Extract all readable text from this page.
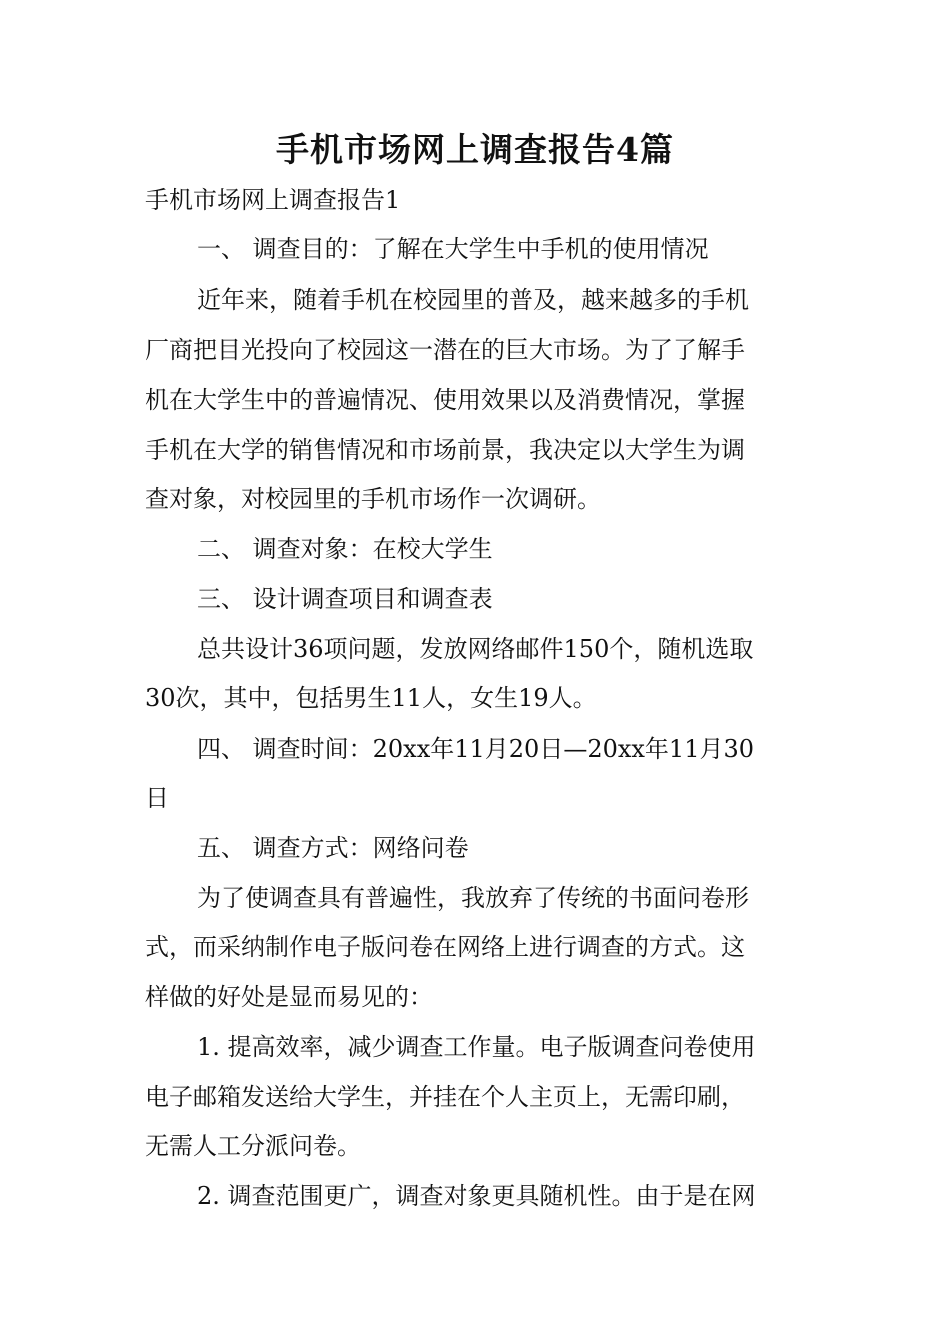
手机市场网上调查报告4篇
手机市场网上调查报告1
一、 调查目的：了解在大学生中手机的使用情况
近年来，随着手机在校园里的普及，越来越多的手机
厂商把目光投向了校园这一潜在的巨大市场。为了了解手
机在大学生中的普遍情况、使用效果以及消费情况，掌握
手机在大学的销售情况和市场前景，我决定以大学生为调
查对象，对校园里的手机市场作一次调研。
二、 调查对象：在校大学生
三、 设计调查项目和调查表
总共设计36项问题，发放网络邮件150个，随机选取
30次，其中，包括男生11人，女生19人。
四、 调查时间：20xx年11月20日—20xx年11月30
日
五、 调查方式：网络问卷
为了使调查具有普遍性，我放弃了传统的书面问卷形
式，而采纳制作电子版问卷在网络上进行调查的方式。这
样做的好处是显而易见的：
1. 提高效率，减少调查工作量。电子版调查问卷使用
电子邮箱发送给大学生，并挂在个人主页上，无需印刷，
无需人工分派问卷。
2. 调查范围更广，调查对象更具随机性。由于是在网
